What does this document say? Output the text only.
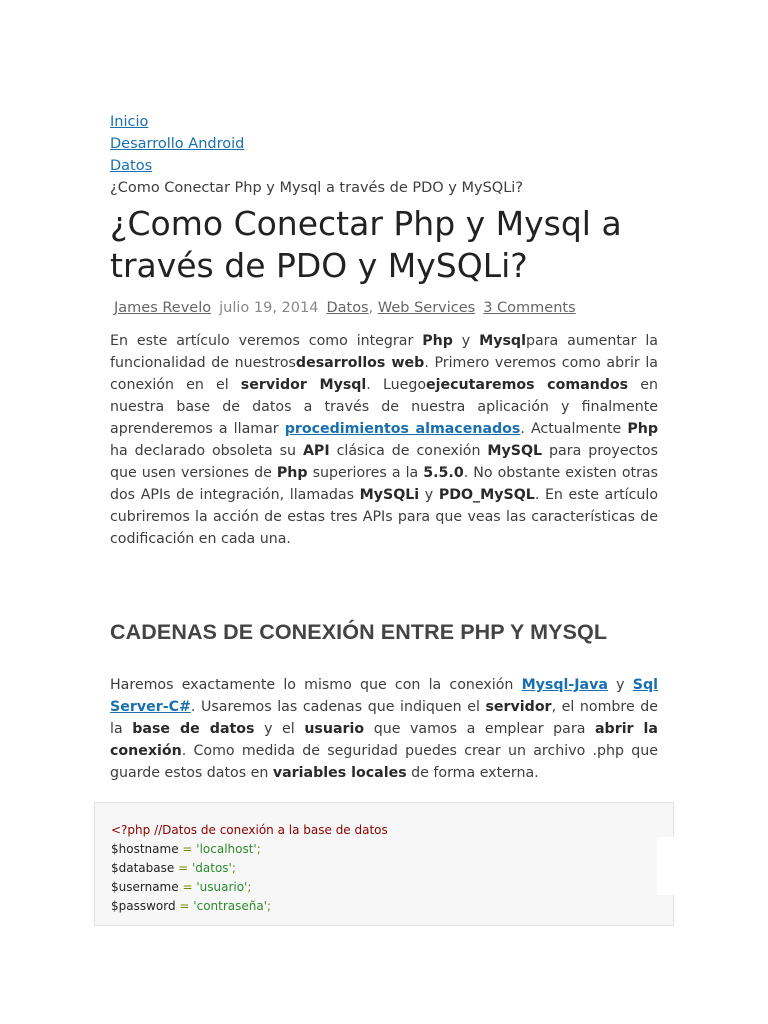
Inicio
Desarrollo Android
Datos
¿Como Conectar Php y Mysql a través de PDO y MySQLi?
¿Como Conectar Php y Mysql a través de PDO y MySQLi?
James Revelo julio 19, 2014 Datos, Web Services 3 Comments

En este artículo veremos como integrar Php y Mysqlpara aumentar la funcionalidad de nuestrosdesarrollos web. Primero veremos como abrir la conexión en el servidor Mysql. Luegoejecutaremos comandos en nuestra base de datos a través de nuestra aplicación y finalmente aprenderemos a llamar procedimientos almacenados. Actualmente Php ha declarado obsoleta su API clásica de conexión MySQL para proyectos que usen versiones de Php superiores a la 5.5.0. No obstante existen otras dos APIs de integración, llamadas MySQLi y PDO_MySQL. En este artículo cubriremos la acción de estas tres APIs para que veas las características de codificación en cada una.

CADENAS DE CONEXIÓN ENTRE PHP Y MYSQL

Haremos exactamente lo mismo que con la conexión Mysql-Java y Sql Server-C#. Usaremos las cadenas que indiquen el servidor, el nombre de la base de datos y el usuario que vamos a emplear para abrir la conexión. Como medida de seguridad puedes crear un archivo .php que guarde estos datos en variables locales de forma externa.

<?php //Datos de conexión a la base de datos
$hostname = 'localhost';
$database = 'datos';
$username = 'usuario';
$password = 'contraseña';
